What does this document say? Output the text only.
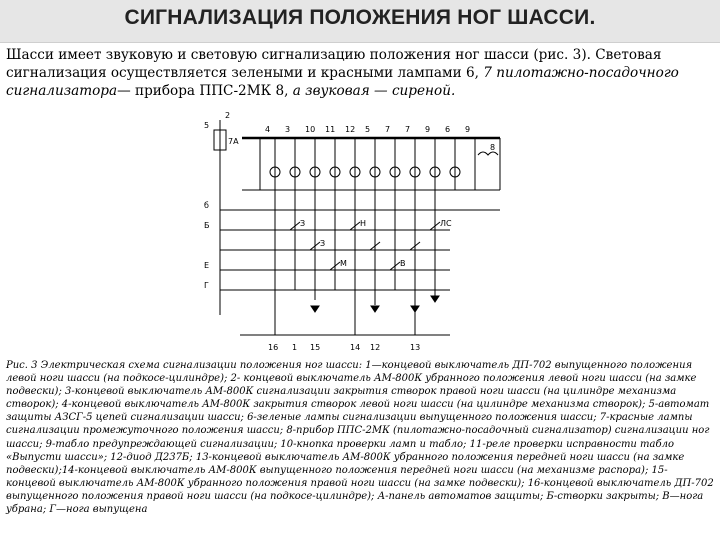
СИГНАЛИЗАЦИЯ ПОЛОЖЕНИЯ НОГ ШАССИ.
Шасси имеет звуковую и световую сигнализацию положения ног шасси (рис. 3). Световая сигнализация осуществляется зелеными и красными лампами 6, 7 пилотажно-посадочного сигнализатора— прибора ППС-2МК 8, а звуковая — сиреной.
2
4 3 10 11 12 5 7 7 9 6 9
8
5
7A
б
Б
Е
Г
16 1 15	14 12	13
З
З
М
Н
В
ЛС
Рис. 3 Электрическая схема сигнализации положения ног шасси: 1—концевой выключатель ДП-702 выпущенного положения левой ноги шасси (на подкосе-цилиндре); 2- концевой выключатель АМ-800К убранного положения левой ноги шасси (на замке подвески); 3-концевой выключатель АМ-800К сигнализации закрытия створок правой ноги шасси (на цилиндре механизма створок); 4-концевой выключатель АМ-800К закрытия створок левой ноги шасси (на цилиндре механизма створок); 5-автомат защиты АЗСГ-5 цепей сигнализации шасси; 6-зеленые лампы сигнализации выпущенного положения шасси; 7-красные лампы сигнализации промежуточного положения шасси; 8-прибор ППС-2МК (пилотажно-посадочный сигнализатор) сигнализации ног шасси; 9-табло предупреждающей сигнализации; 10-кнопка проверки ламп и табло; 11-реле проверки исправности табло «Выпусти шасси»; 12-диод Д237Б; 13-концевой выключатель АМ-800К убранного положения передней ноги шасси (на замке подвески);14-концевой выключатель АМ-800К выпущенного положения передней ноги шасси (на механизме распора); 15-концевой выключатель АМ-800К убранного положения правой ноги шасси (на замке подвески); 16-концевой выключатель ДП-702 выпущенного положения правой ноги шасси (на подкосе-цилиндре); А-панель автоматов защиты; Б-створки закрыты; В—нога убрана; Г—нога выпущена
